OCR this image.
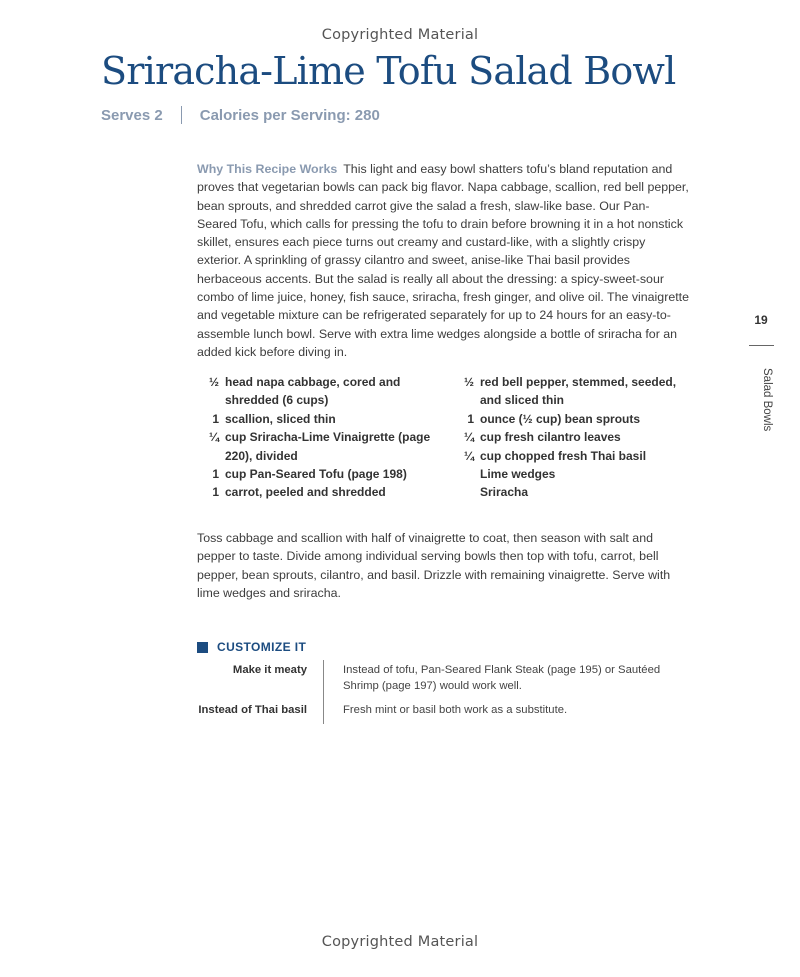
Copyrighted Material
Sriracha-Lime Tofu Salad Bowl
Serves 2 Calories per Serving: 280
Why This Recipe Works This light and easy bowl shatters tofu’s bland reputation and proves that vegetarian bowls can pack big flavor. Napa cabbage, scallion, red bell pepper, bean sprouts, and shredded carrot give the salad a fresh, slaw-like base. Our Pan-Seared Tofu, which calls for pressing the tofu to drain before browning it in a hot nonstick skillet, ensures each piece turns out creamy and custard-like, with a slightly crispy exterior. A sprinkling of grassy cilantro and sweet, anise-like Thai basil provides herbaceous accents. But the salad is really all about the dressing: a spicy-sweet-sour combo of lime juice, honey, fish sauce, sriracha, fresh ginger, and olive oil. The vinaigrette and vegetable mixture can be refrigerated separately for up to 24 hours for an easy-to-assemble lunch bowl. Serve with extra lime wedges alongside a bottle of sriracha for an added kick before diving in.
½ head napa cabbage, cored and shredded (6 cups)
1 scallion, sliced thin
¼ cup Sriracha-Lime Vinaigrette (page 220), divided
1 cup Pan-Seared Tofu (page 198)
1 carrot, peeled and shredded
½ red bell pepper, stemmed, seeded, and sliced thin
1 ounce (½ cup) bean sprouts
¼ cup fresh cilantro leaves
¼ cup chopped fresh Thai basil
Lime wedges
Sriracha
Toss cabbage and scallion with half of vinaigrette to coat, then season with salt and pepper to taste. Divide among individual serving bowls then top with tofu, carrot, bell pepper, bean sprouts, cilantro, and basil. Drizzle with remaining vinaigrette. Serve with lime wedges and sriracha.
CUSTOMIZE IT
Make it meaty	Instead of tofu, Pan-Seared Flank Steak (page 195) or Sautéed Shrimp (page 197) would work well.
Instead of Thai basil	Fresh mint or basil both work as a substitute.
19
Salad Bowls
Copyrighted Material
